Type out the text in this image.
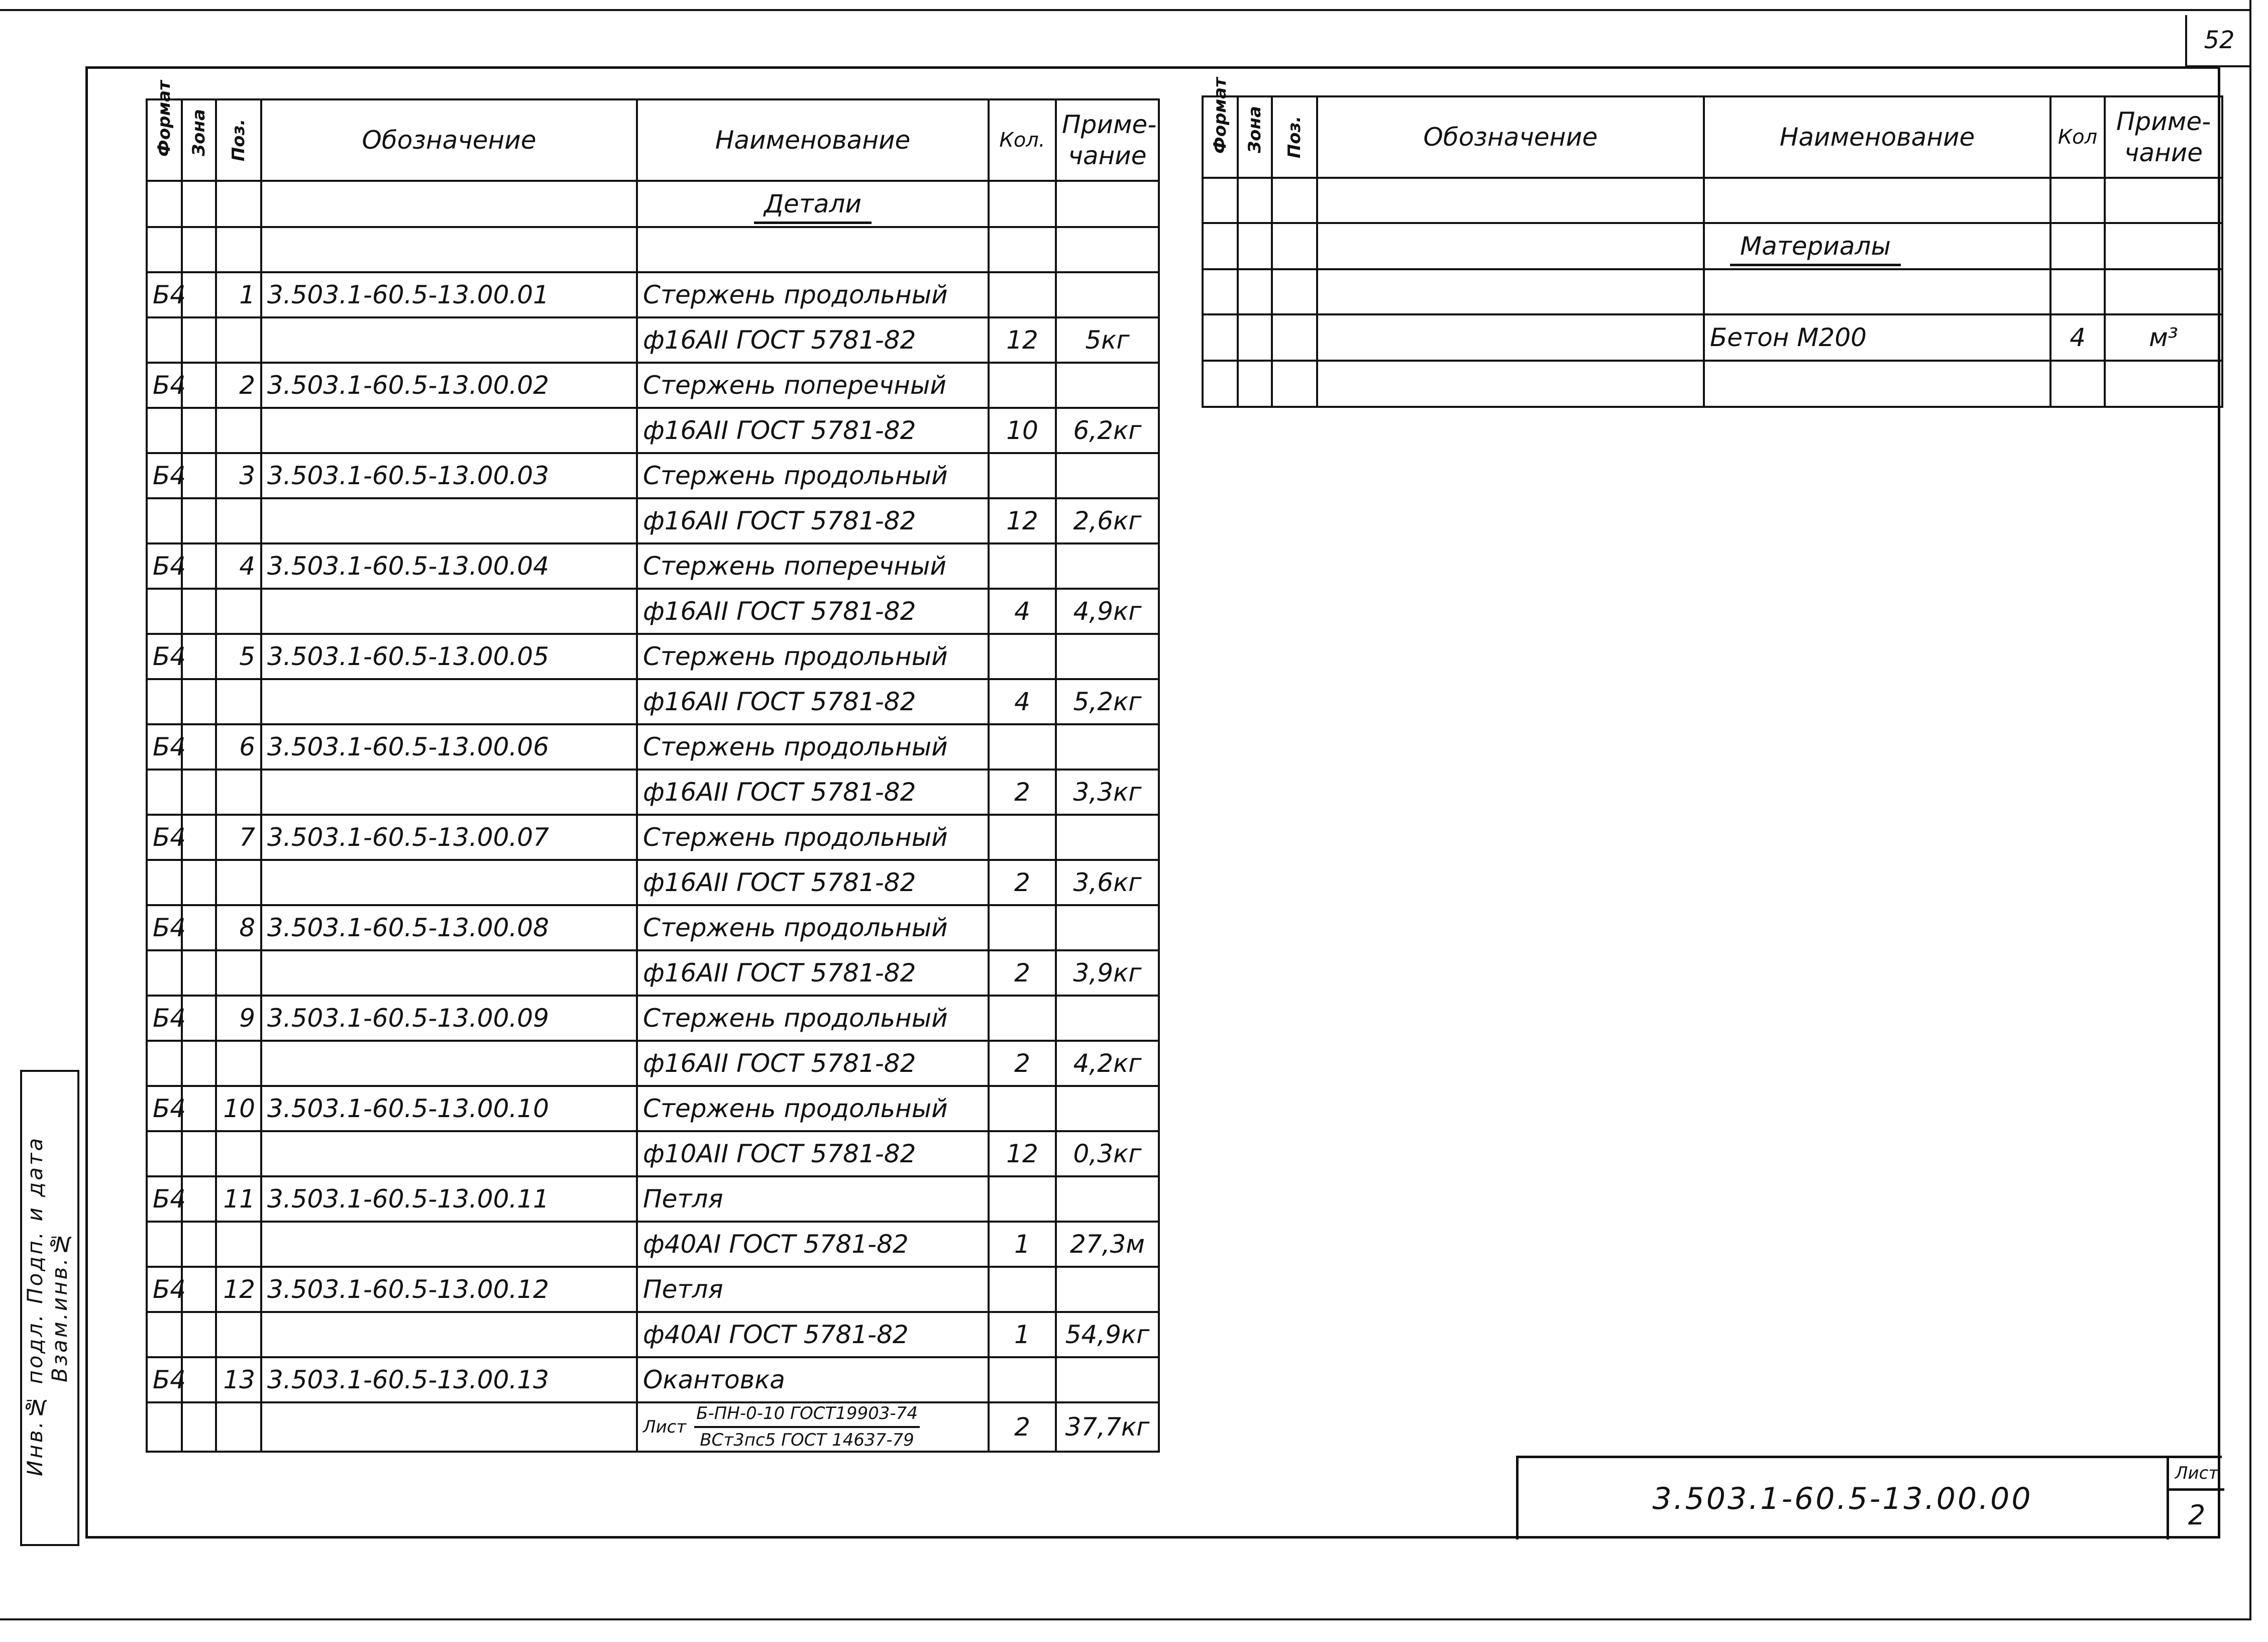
52
Инв.№ подл. Подп. и дата Взам.инв.№
Формат	Зона	Поз.	Обозначение	Наименование	Кол.	Приме-чание
				Детали		

Б4		1	3.503.1-60.5-13.00.01	Стержень продольный		
				ф16АII ГОСТ 5781-82	12	5кг
Б4		2	3.503.1-60.5-13.00.02	Стержень поперечный		
				ф16АII ГОСТ 5781-82	10	6,2кг
Б4		3	3.503.1-60.5-13.00.03	Стержень продольный		
				ф16АII ГОСТ 5781-82	12	2,6кг
Б4		4	3.503.1-60.5-13.00.04	Стержень поперечный		
				ф16АII ГОСТ 5781-82	4	4,9кг
Б4		5	3.503.1-60.5-13.00.05	Стержень продольный		
				ф16АII ГОСТ 5781-82	4	5,2кг
Б4		6	3.503.1-60.5-13.00.06	Стержень продольный		
				ф16АII ГОСТ 5781-82	2	3,3кг
Б4		7	3.503.1-60.5-13.00.07	Стержень продольный		
				ф16АII ГОСТ 5781-82	2	3,6кг
Б4		8	3.503.1-60.5-13.00.08	Стержень продольный		
				ф16АII ГОСТ 5781-82	2	3,9кг
Б4		9	3.503.1-60.5-13.00.09	Стержень продольный		
				ф16АII ГОСТ 5781-82	2	4,2кг
Б4		10	3.503.1-60.5-13.00.10	Стержень продольный		
				ф10АII ГОСТ 5781-82	12	0,3кг
Б4		11	3.503.1-60.5-13.00.11	Петля		
				ф40АI ГОСТ 5781-82	1	27,3м
Б4		12	3.503.1-60.5-13.00.12	Петля		
				ф40АI ГОСТ 5781-82	1	54,9кг
Б4		13	3.503.1-60.5-13.00.13	Окантовка		
				Лист $\frac{\text{Б-ПН-0-10 ГОСТ19903-74}}{\text{ВСт3пс5 ГОСТ 14637-79}}$	2	37,7кг
Формат	Зона	Поз.	Обозначение	Наименование	Кол	Приме-чание

				Материалы		

				Бетон М200	4	м³

3.503.1-60.5-13.00.00
Лист
2
